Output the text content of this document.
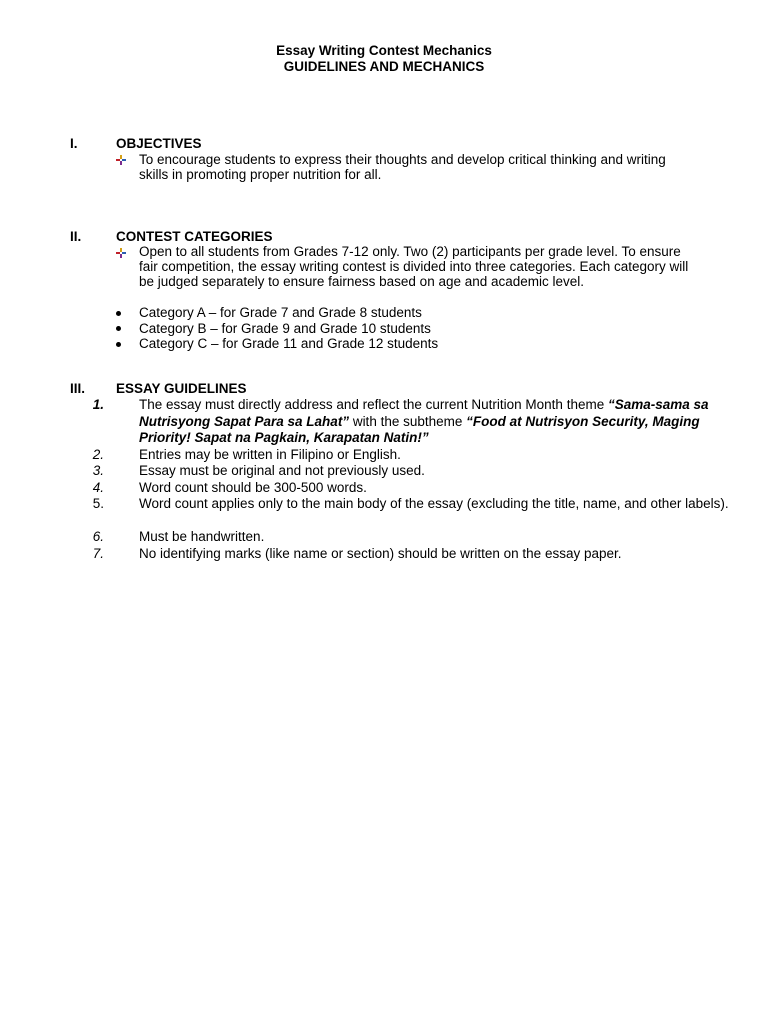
Essay Writing Contest Mechanics
GUIDELINES AND MECHANICS
I.	OBJECTIVES
To encourage students to express their thoughts and develop critical thinking and writing
skills in promoting proper nutrition for all.
II.	CONTEST CATEGORIES
Open to all students from Grades 7-12 only. Two (2) participants per grade level. To ensure
fair competition, the essay writing contest is divided into three categories. Each category will
be judged separately to ensure fairness based on age and academic level.
Category A – for Grade 7 and Grade 8 students
Category B – for Grade 9 and Grade 10 students
Category C – for Grade 11 and Grade 12 students
III. ESSAY GUIDELINES
1.	The essay must directly address and reflect the current Nutrition Month theme “Sama-sama sa Nutrisyong Sapat Para sa Lahat” with the subtheme “Food at Nutrisyon Security, Maging Priority! Sapat na Pagkain, Karapatan Natin!”
2.	Entries may be written in Filipino or English.
3.	Essay must be original and not previously used.
4.	Word count should be 300-500 words.
5.	Word count applies only to the main body of the essay (excluding the title, name, and other labels).
6.	Must be handwritten.
7.	No identifying marks (like name or section) should be written on the essay paper.
